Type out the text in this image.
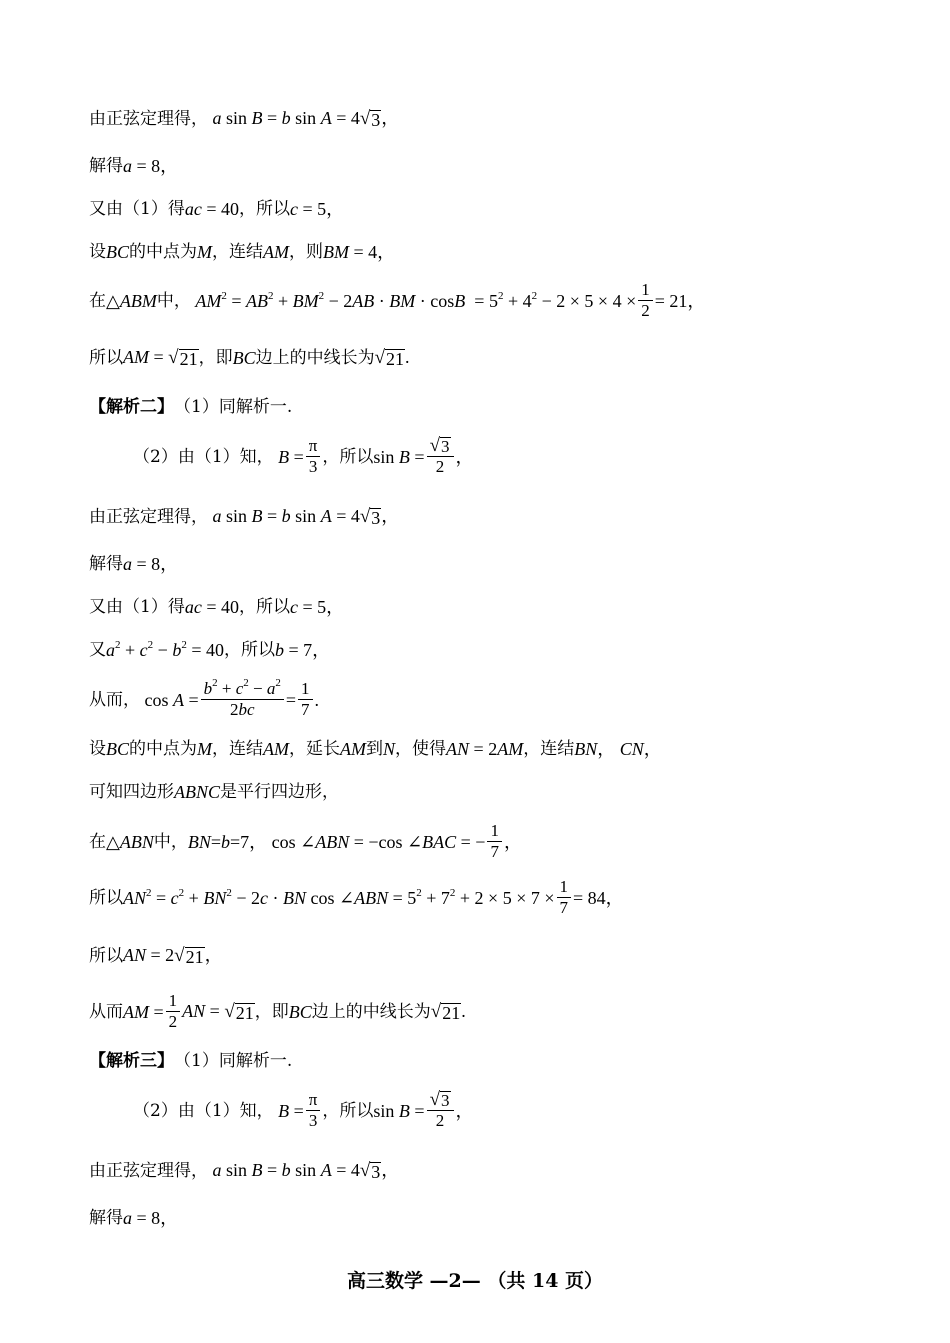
由正弦定理得， a sin B = b sin A = 4 √ 3 ，
解得 a = 8，
又由（1）得 ac = 40 ，所以 c = 5，
设 BC 的中点为 M ，连结 AM ，则 BM = 4，
在 △ABM 中， $AM^2 = AB^2 + BM^2 - 2AB$ · BM · $\cos B = 5^2 + 4^2 - 2 \times 5 \times 4 \times \frac{1}{2} = 21$，
所以 AM = √ 21 ，即 BC 边上的中线长为 √ 21 .
【解析二】 （1）同解析一.
（2）由（1）知， $B = \frac{\pi}{3}$ ，所以 $\sin B = \frac{√ 3}{2}$ ，
由正弦定理得， a sin B = b sin A = 4 √ 3 ，
解得 a = 8，
又由（1）得 ac = 40 ，所以 c = 5，
又 $a^2 + c^2 - b^2 = 40$ ，所以 b = 7，
从而， $\cos A = \frac{b^2 + c^2 - a^2}{2bc} = \frac{1}{7}$ .
设 BC 的中点为 M ，连结 AM ，延长 AM 到 N ，使得 AN = 2AM ，连结 BN， CN，
可知四边形 ABNC 是平行四边形，
在 △ABN 中， BN=b=7， cos ∠ABN = −cos ∠BAC = − $\frac{1}{7}$ ，
所以 $AN^2 = c^2 + BN^2 - 2c$ · BN cos ∠ABN = $5^2 + 7^2 + 2 \times 5 \times 7 \times \frac{1}{7} = 84$，
所以 AN = 2 √ 21 ，
从而 AM = $\frac{1}{2}$ AN = √ 21 ，即 BC 边上的中线长为 √ 21 .
【解析三】 （1）同解析一.
（2）由（1）知， $B = \frac{\pi}{3}$ ，所以 $\sin B = \frac{√ 3}{2}$ ，
由正弦定理得， a sin B = b sin A = 4 √ 3 ，
解得 a = 8，
高三数学 —2— （共 14 页）
